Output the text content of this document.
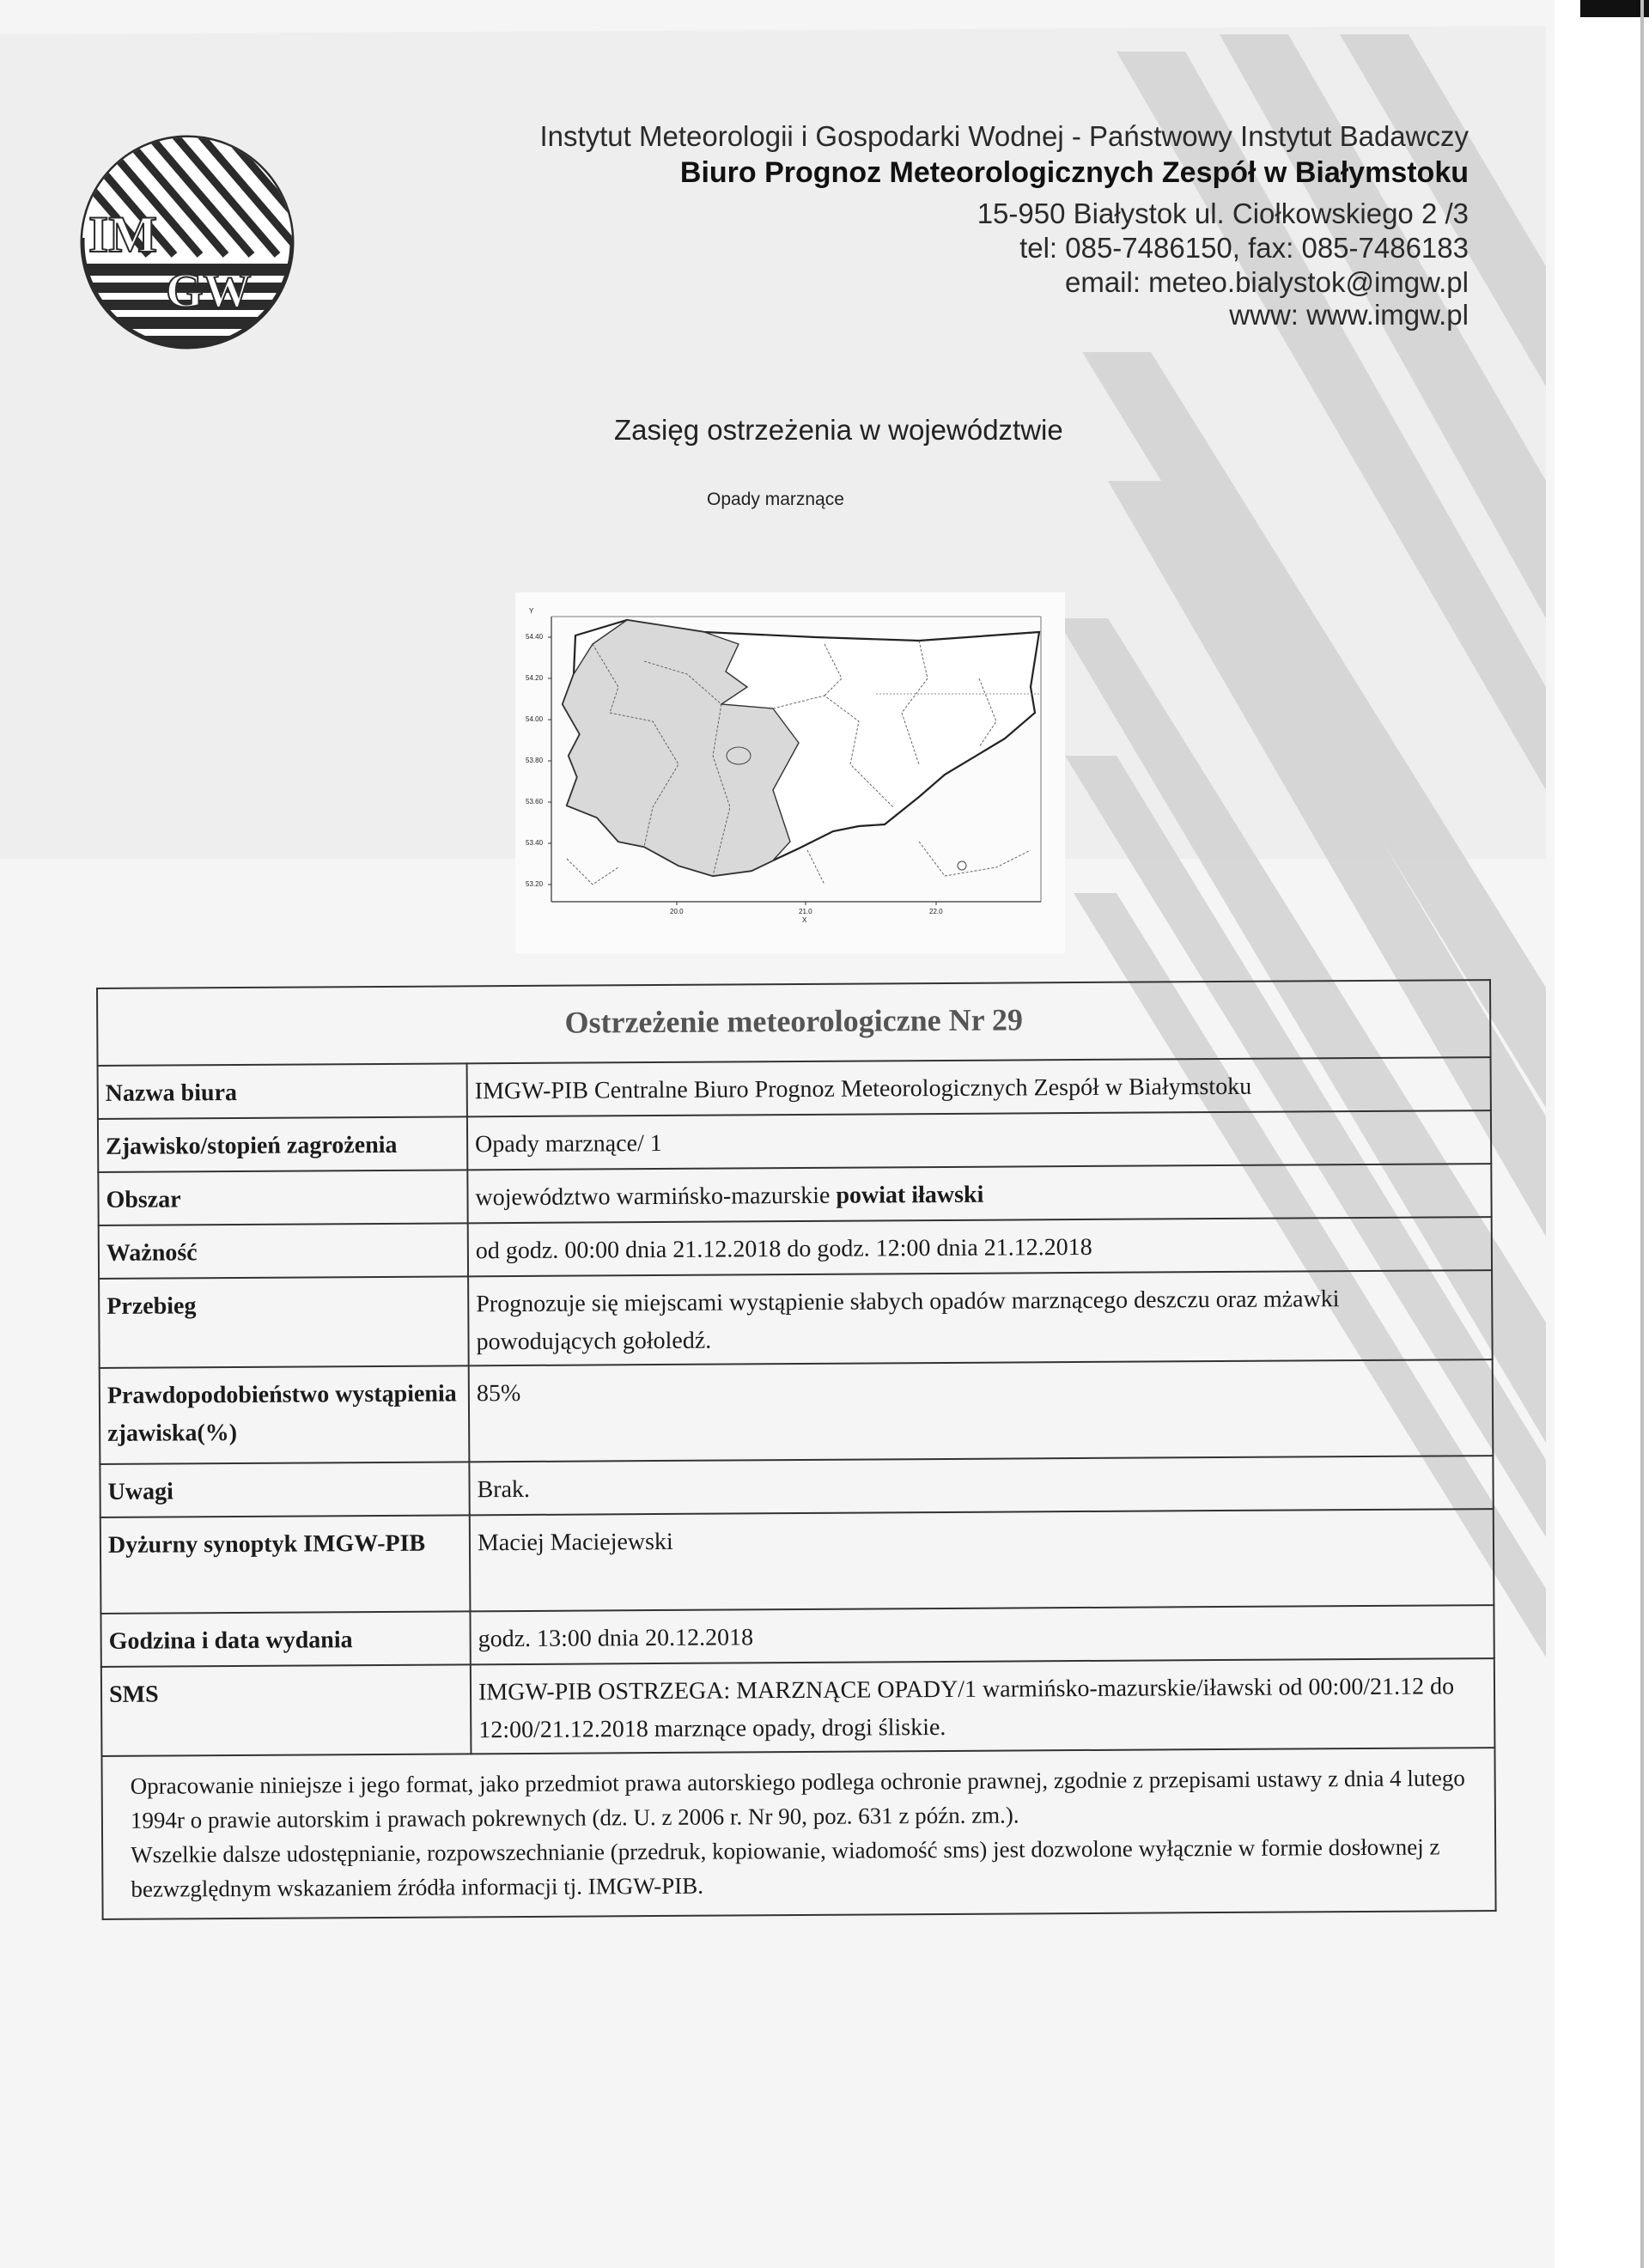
IM
GW
Instytut Meteorologii i Gospodarki Wodnej - Państwowy Instytut Badawczy
Biuro Prognoz Meteorologicznych Zespół w Białymstoku
15-950 Białystok ul. Ciołkowskiego 2 /3
tel: 085-7486150, fax: 085-7486183
email: meteo.bialystok@imgw.pl
www: www.imgw.pl
Zasięg ostrzeżenia w województwie
Opady marznące
Y
54.40
54.20
54.00
53.80
53.60
53.40
53.20
20.0	21.0	22.0
X
Ostrzeżenie meteorologiczne Nr 29	
Nazwa biura	IMGW-PIB Centralne Biuro Prognoz Meteorologicznych Zespół w Białymstoku
Zjawisko/stopień zagrożenia	Opady marznące/ 1
Obszar	województwo warmińsko-mazurskie powiat iławski
Ważność	od godz. 00:00 dnia 21.12.2018 do godz. 12:00 dnia 21.12.2018
Przebieg	Prognozuje się miejscami wystąpienie słabych opadów marznącego deszczu oraz mżawki powodujących gołoledź.
Prawdopodobieństwo wystąpienia zjawiska(%)	85%
Uwagi	Brak.
Dyżurny synoptyk IMGW-PIB	Maciej Maciejewski
Godzina i data wydania	godz. 13:00 dnia 20.12.2018
SMS	IMGW-PIB OSTRZEGA: MARZNĄCE OPADY/1 warmińsko-mazurskie/iławski od 00:00/21.12 do 12:00/21.12.2018 marznące opady, drogi śliskie.

Opracowanie niniejsze i jego format, jako przedmiot prawa autorskiego podlega ochronie prawnej, zgodnie z przepisami ustawy z dnia 4 lutego 1994r o prawie autorskim i prawach pokrewnych (dz. U. z 2006 r. Nr 90, poz. 631 z późn. zm.).
Wszelkie dalsze udostępnianie, rozpowszechnianie (przedruk, kopiowanie, wiadomość sms) jest dozwolone wyłącznie w formie dosłownej z bezwzględnym wskazaniem źródła informacji tj. IMGW-PIB.	
